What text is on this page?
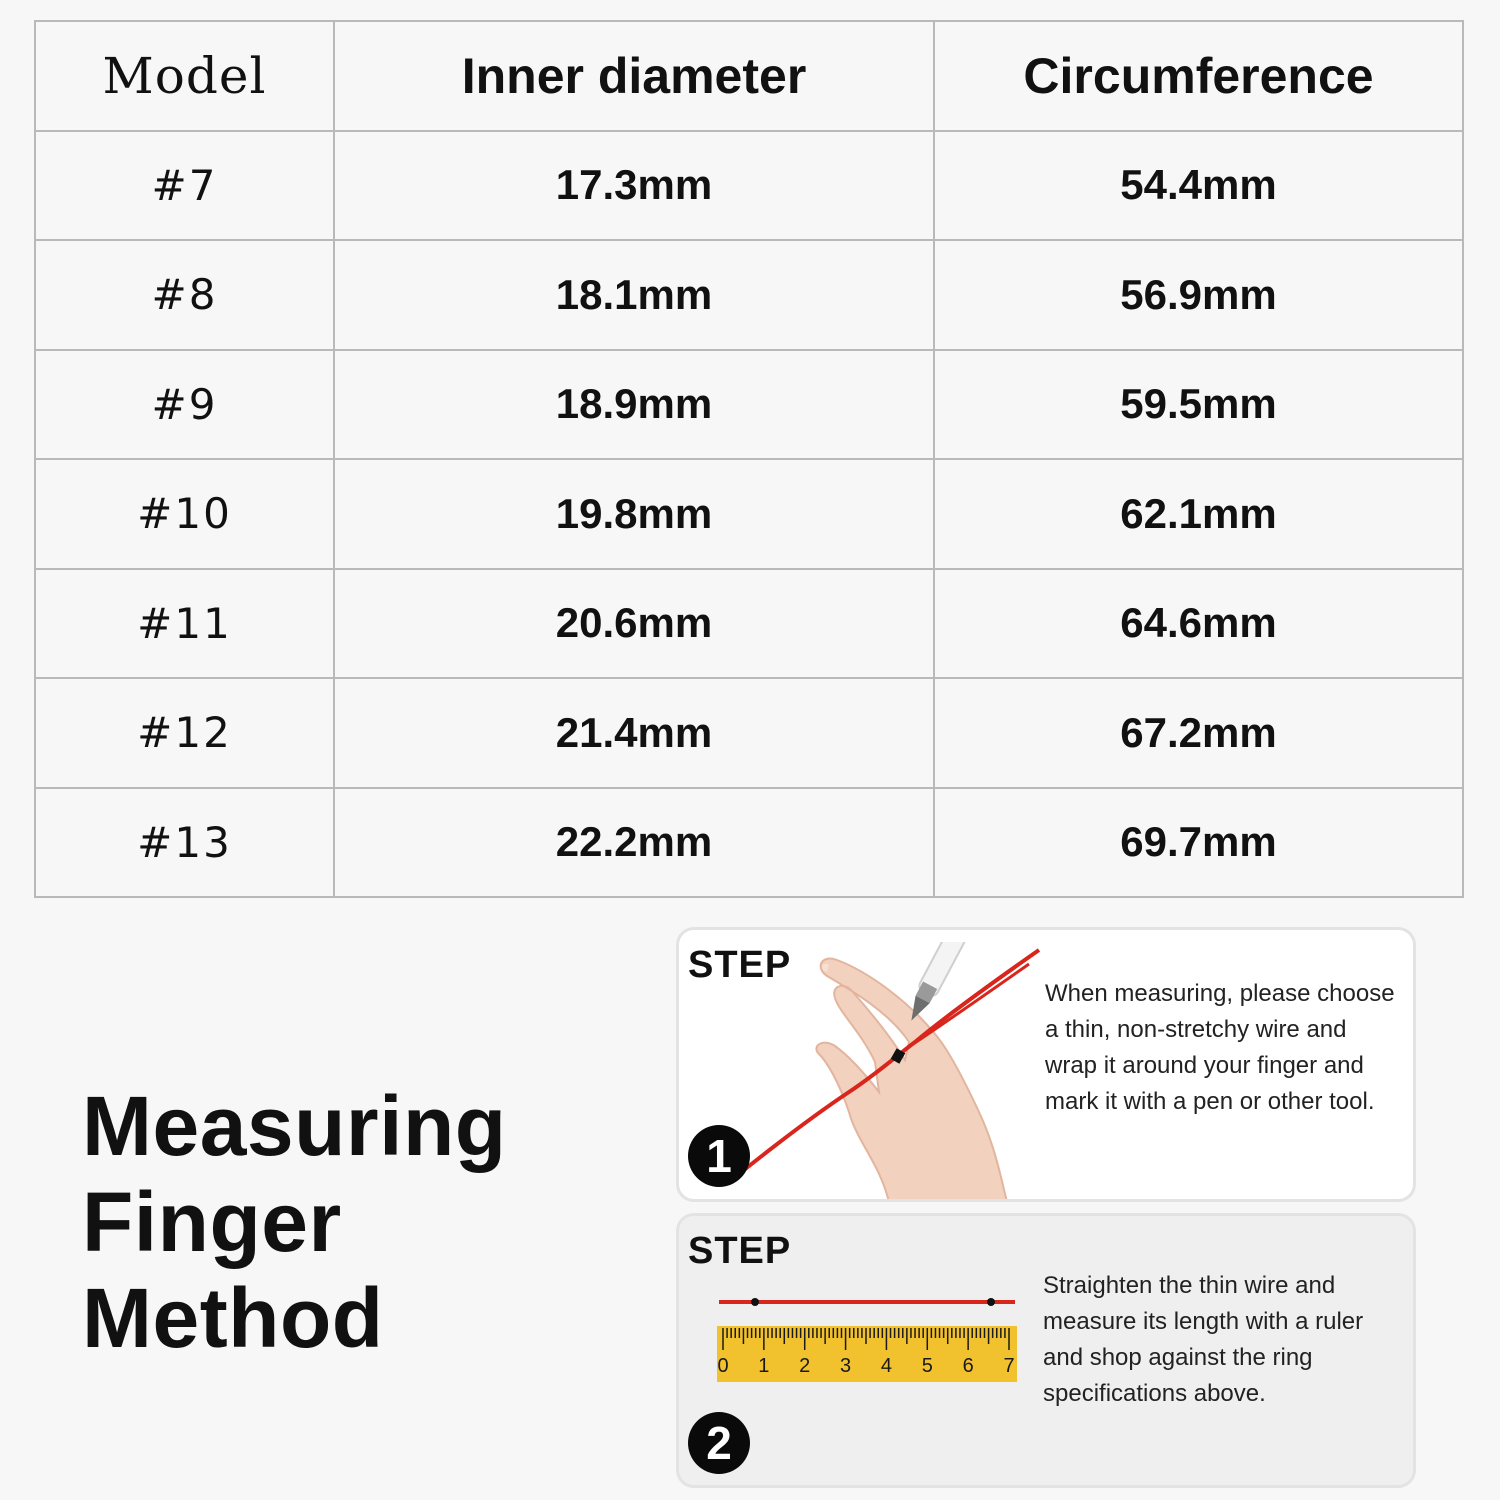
Model	Inner diameter	Circumference
#7	17.3mm	54.4mm
#8	18.1mm	56.9mm
#9	18.9mm	59.5mm
#10	19.8mm	62.1mm
#11	20.6mm	64.6mm
#12	21.4mm	67.2mm
#13	22.2mm	69.7mm
Measuring
Finger
Method
STEP
1
When measuring, please choose a thin, non-stretchy wire and wrap it around your finger and mark it with a pen or other tool.
STEP
0 1 2 3 4 5 6 7
2
Straighten the thin wire and measure its length with a ruler and shop against the ring specifications above.
